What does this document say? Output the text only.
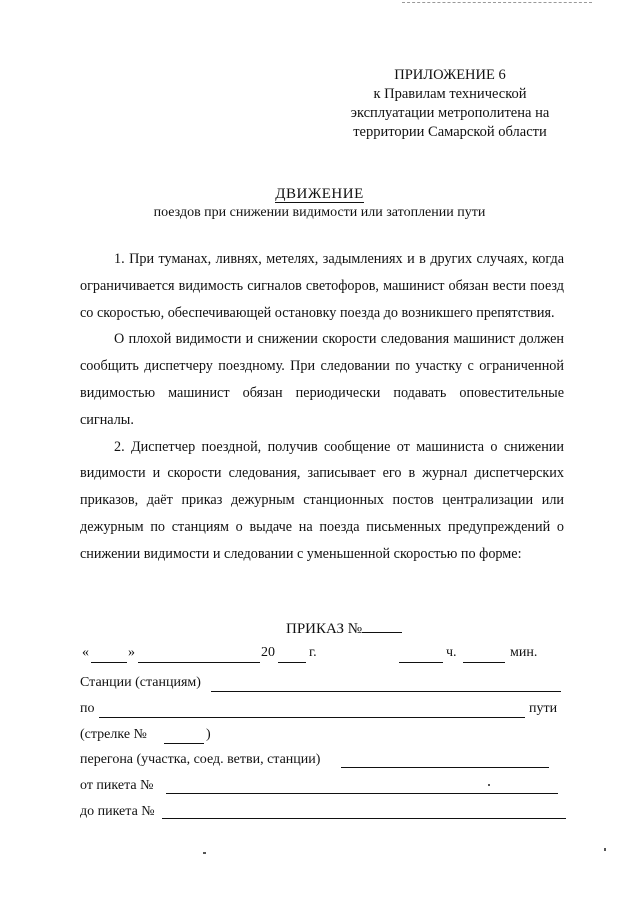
ПРИЛОЖЕНИЕ 6
к Правилам технической
эксплуатации метрополитена на
территории Самарской области
ДВИЖЕНИЕ
поездов при снижении видимости или затоплении пути

1. При туманах, ливнях, метелях, задымлениях и в других случаях, когда ограничивается видимость сигналов светофоров, машинист обязан вести поезд со скоростью, обеспечивающей остановку поезда до возникшего препятствия.

О плохой видимости и снижении скорости следования машинист должен сообщить диспетчеру поездному. При следовании по участку с ограниченной видимостью машинист обязан периодически подавать оповестительные сигналы.

2. Диспетчер поездной, получив сообщение от машиниста о снижении видимости и скорости следования, записывает его в журнал диспетчерских приказов, даёт приказ дежурным станционных постов централизации или дежурным по станциям о выдаче на поезда письменных предупреждений о снижении видимости и следовании с уменьшенной скоростью по форме:

ПРИКАЗ №
«	»	20 г.	ч.	мин.
Станции (станциям)
по	пути
(стрелке №	)
перегона (участка, соед. ветви, станции)
от пикета №
до пикета №
